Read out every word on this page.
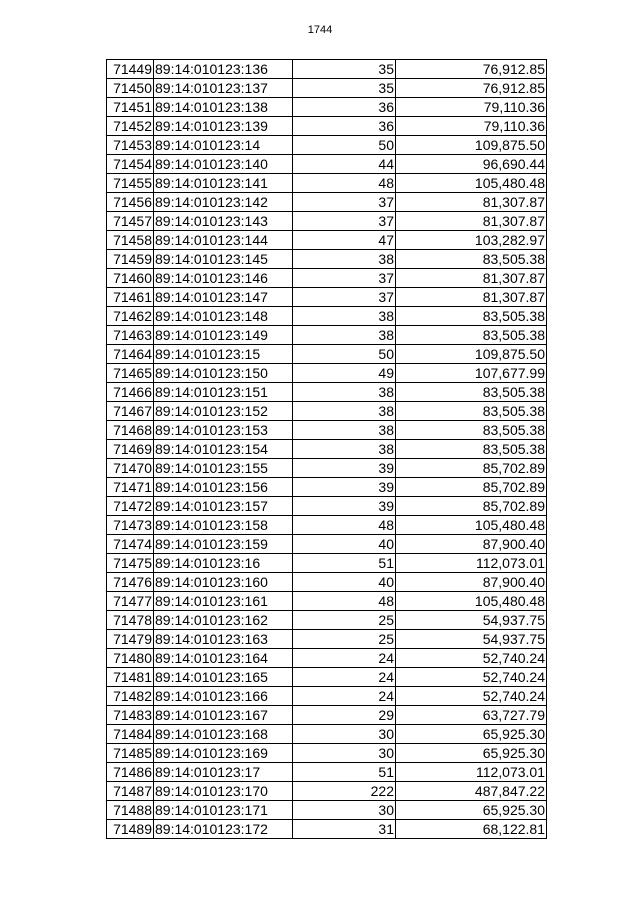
1744
71449	89:14:010123:136	35	76,912.85
71450	89:14:010123:137	35	76,912.85
71451	89:14:010123:138	36	79,110.36
71452	89:14:010123:139	36	79,110.36
71453	89:14:010123:14	50	109,875.50
71454	89:14:010123:140	44	96,690.44
71455	89:14:010123:141	48	105,480.48
71456	89:14:010123:142	37	81,307.87
71457	89:14:010123:143	37	81,307.87
71458	89:14:010123:144	47	103,282.97
71459	89:14:010123:145	38	83,505.38
71460	89:14:010123:146	37	81,307.87
71461	89:14:010123:147	37	81,307.87
71462	89:14:010123:148	38	83,505.38
71463	89:14:010123:149	38	83,505.38
71464	89:14:010123:15	50	109,875.50
71465	89:14:010123:150	49	107,677.99
71466	89:14:010123:151	38	83,505.38
71467	89:14:010123:152	38	83,505.38
71468	89:14:010123:153	38	83,505.38
71469	89:14:010123:154	38	83,505.38
71470	89:14:010123:155	39	85,702.89
71471	89:14:010123:156	39	85,702.89
71472	89:14:010123:157	39	85,702.89
71473	89:14:010123:158	48	105,480.48
71474	89:14:010123:159	40	87,900.40
71475	89:14:010123:16	51	112,073.01
71476	89:14:010123:160	40	87,900.40
71477	89:14:010123:161	48	105,480.48
71478	89:14:010123:162	25	54,937.75
71479	89:14:010123:163	25	54,937.75
71480	89:14:010123:164	24	52,740.24
71481	89:14:010123:165	24	52,740.24
71482	89:14:010123:166	24	52,740.24
71483	89:14:010123:167	29	63,727.79
71484	89:14:010123:168	30	65,925.30
71485	89:14:010123:169	30	65,925.30
71486	89:14:010123:17	51	112,073.01
71487	89:14:010123:170	222	487,847.22
71488	89:14:010123:171	30	65,925.30
71489	89:14:010123:172	31	68,122.81
